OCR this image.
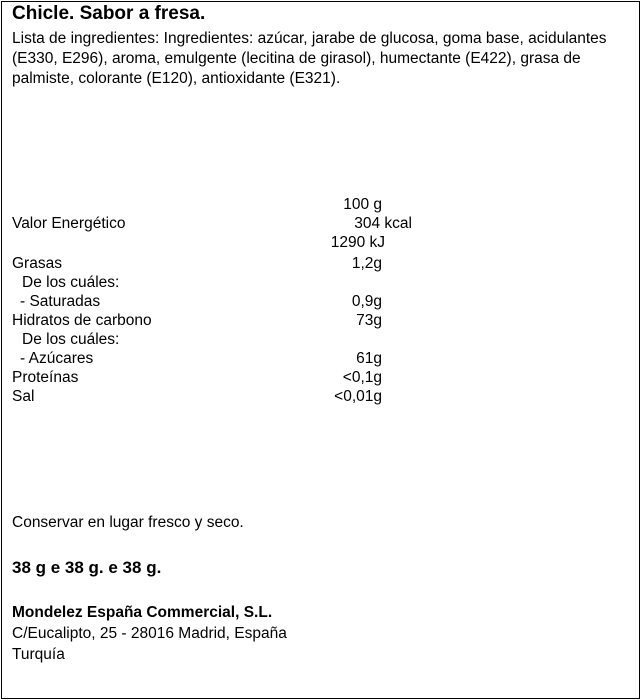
Chicle. Sabor a fresa.
Lista de ingredientes: Ingredientes: azúcar, jarabe de glucosa, goma base, acidulantes (E330, E296), aroma, emulgente (lecitina de girasol), humectante (E422), grasa de palmiste, colorante (E120), antioxidante (E321).
100 g
Valor Energético	304 kcal
1290 kJ
Grasas	1,2g
De los cuáles:
- Saturadas	0,9g
Hidratos de carbono	73g
De los cuáles:
- Azúcares	61g
Proteínas	<0,1g
Sal	<0,01g
Conservar en lugar fresco y seco.
38 g e 38 g. e 38 g.
Mondelez España Commercial, S.L.
C/Eucalipto, 25 - 28016 Madrid, España
Turquía
